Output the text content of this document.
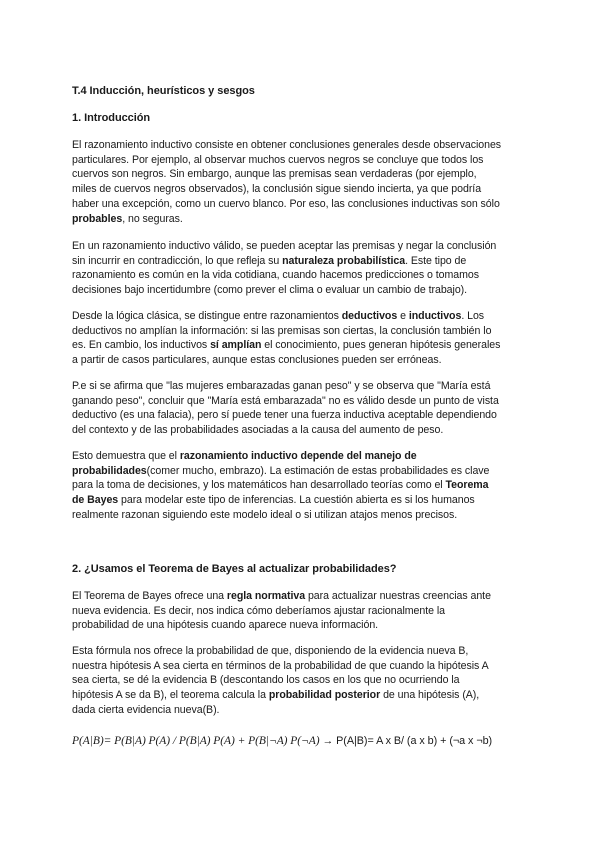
T.4 Inducción, heurísticos y sesgos
1. Introducción

El razonamiento inductivo consiste en obtener conclusiones generales desde observaciones
particulares. Por ejemplo, al observar muchos cuervos negros se concluye que todos los
cuervos son negros. Sin embargo, aunque las premisas sean verdaderas (por ejemplo,
miles de cuervos negros observados), la conclusión sigue siendo incierta, ya que podría
haber una excepción, como un cuervo blanco. Por eso, las conclusiones inductivas son sólo
probables, no seguras.

En un razonamiento inductivo válido, se pueden aceptar las premisas y negar la conclusión
sin incurrir en contradicción, lo que refleja su naturaleza probabilística. Este tipo de
razonamiento es común en la vida cotidiana, cuando hacemos predicciones o tomamos
decisiones bajo incertidumbre (como prever el clima o evaluar un cambio de trabajo).

Desde la lógica clásica, se distingue entre razonamientos deductivos e inductivos. Los
deductivos no amplían la información: si las premisas son ciertas, la conclusión también lo
es. En cambio, los inductivos sí amplían el conocimiento, pues generan hipótesis generales
a partir de casos particulares, aunque estas conclusiones pueden ser erróneas.

P.e si se afirma que "las mujeres embarazadas ganan peso" y se observa que "María está
ganando peso", concluir que "María está embarazada" no es válido desde un punto de vista
deductivo (es una falacia), pero sí puede tener una fuerza inductiva aceptable dependiendo
del contexto y de las probabilidades asociadas a la causa del aumento de peso.

Esto demuestra que el razonamiento inductivo depende del manejo de
probabilidades(comer mucho, embrazo). La estimación de estas probabilidades es clave
para la toma de decisiones, y los matemáticos han desarrollado teorías como el Teorema
de Bayes para modelar este tipo de inferencias. La cuestión abierta es si los humanos
realmente razonan siguiendo este modelo ideal o si utilizan atajos menos precisos.

2. ¿Usamos el Teorema de Bayes al actualizar probabilidades?

El Teorema de Bayes ofrece una regla normativa para actualizar nuestras creencias ante
nueva evidencia. Es decir, nos indica cómo deberíamos ajustar racionalmente la
probabilidad de una hipótesis cuando aparece nueva información.

Esta fórmula nos ofrece la probabilidad de que, disponiendo de la evidencia nueva B,
nuestra hipótesis A sea cierta en términos de la probabilidad de que cuando la hipótesis A
sea cierta, se dé la evidencia B (descontando los casos en los que no ocurriendo la
hipótesis A se da B), el teorema calcula la probabilidad posterior de una hipótesis (A),
dada cierta evidencia nueva(B).

P(A|B)= P(B|A) P(A) / P(B|A) P(A) + P(B|¬A) P(¬A) → P(A|B)= A x B/ (a x b) + (¬a x ¬b)
